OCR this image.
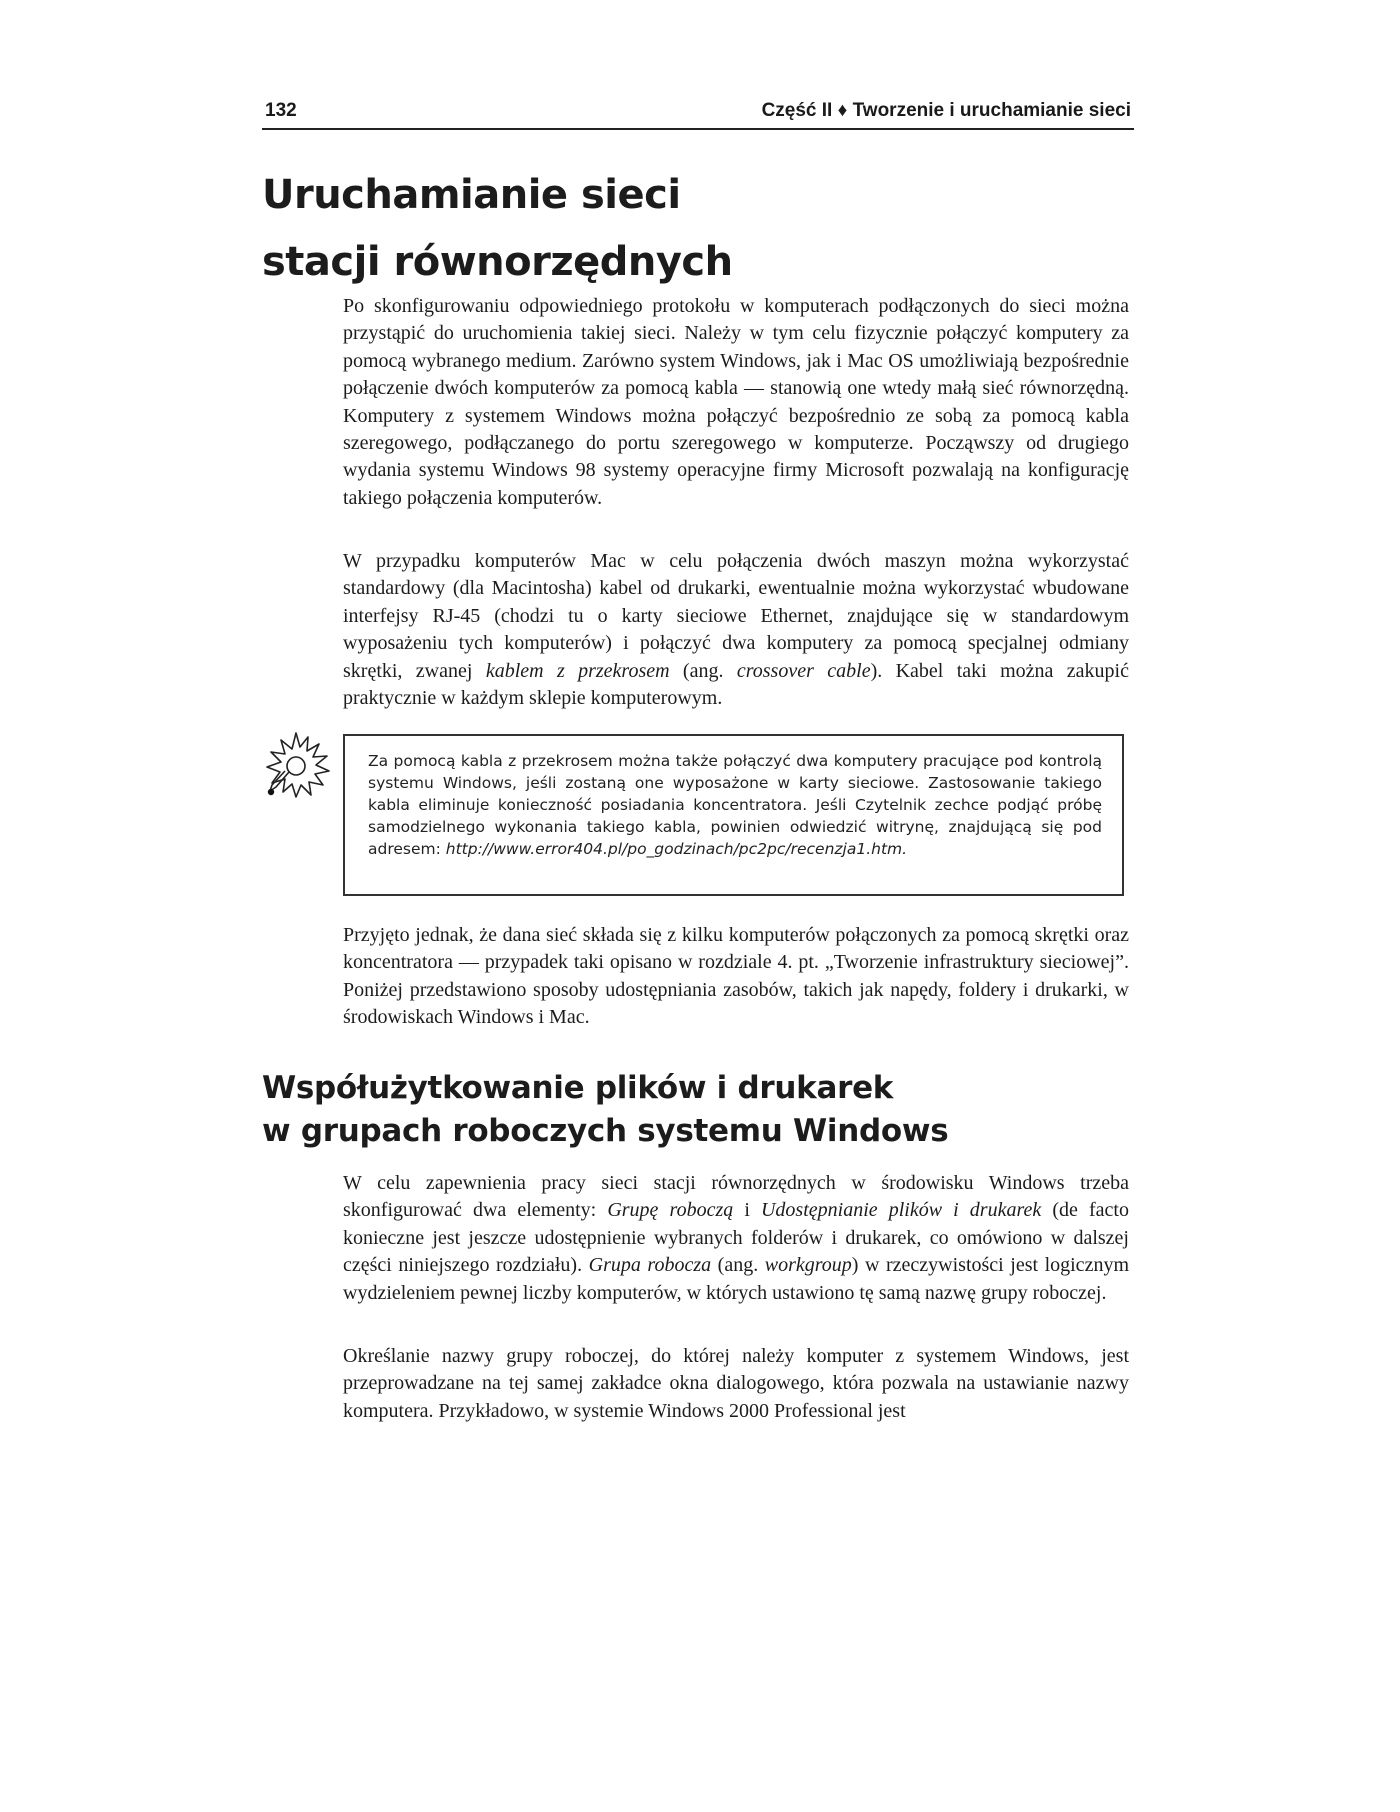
132	Część II ♦ Tworzenie i uruchamianie sieci
Uruchamianie sieci
stacji równorzędnych

Po skonfigurowaniu odpowiedniego protokołu w komputerach podłączonych do sieci można przystąpić do uruchomienia takiej sieci. Należy w tym celu fizycznie połączyć komputery za pomocą wybranego medium. Zarówno system Windows, jak i Mac OS umożliwiają bezpośrednie połączenie dwóch komputerów za pomocą kabla — stanowią one wtedy małą sieć równorzędną. Komputery z systemem Windows można połączyć bezpośrednio ze sobą za pomocą kabla szeregowego, podłączanego do portu szeregowego w komputerze. Począwszy od drugiego wydania systemu Windows 98 systemy operacyjne firmy Microsoft pozwalają na konfigurację takiego połączenia komputerów.

W przypadku komputerów Mac w celu połączenia dwóch maszyn można wykorzystać standardowy (dla Macintosha) kabel od drukarki, ewentualnie można wykorzystać wbudowane interfejsy RJ-45 (chodzi tu o karty sieciowe Ethernet, znajdujące się w standardowym wyposażeniu tych komputerów) i połączyć dwa komputery za pomocą specjalnej odmiany skrętki, zwanej kablem z przekrosem (ang. crossover cable). Kabel taki można zakupić praktycznie w każdym sklepie komputerowym.

Za pomocą kabla z przekrosem można także połączyć dwa komputery pracujące pod kontrolą systemu Windows, jeśli zostaną one wyposażone w karty sieciowe. Zastosowanie takiego kabla eliminuje konieczność posiadania koncentratora. Jeśli Czytelnik zechce podjąć próbę samodzielnego wykonania takiego kabla, powinien odwiedzić witrynę, znajdującą się pod adresem: http://www.error404.pl/po_godzinach/pc2pc/recenzja1.htm.

Przyjęto jednak, że dana sieć składa się z kilku komputerów połączonych za pomocą skrętki oraz koncentratora — przypadek taki opisano w rozdziale 4. pt. „Tworzenie infrastruktury sieciowej”. Poniżej przedstawiono sposoby udostępniania zasobów, takich jak napędy, foldery i drukarki, w środowiskach Windows i Mac.

Współużytkowanie plików i drukarek
w grupach roboczych systemu Windows

W celu zapewnienia pracy sieci stacji równorzędnych w środowisku Windows trzeba skonfigurować dwa elementy: Grupę roboczą i Udostępnianie plików i drukarek (de facto konieczne jest jeszcze udostępnienie wybranych folderów i drukarek, co omówiono w dalszej części niniejszego rozdziału). Grupa robocza (ang. workgroup) w rzeczywistości jest logicznym wydzieleniem pewnej liczby komputerów, w których ustawiono tę samą nazwę grupy roboczej.

Określanie nazwy grupy roboczej, do której należy komputer z systemem Windows, jest przeprowadzane na tej samej zakładce okna dialogowego, która pozwala na ustawianie nazwy komputera. Przykładowo, w systemie Windows 2000 Professional jest
